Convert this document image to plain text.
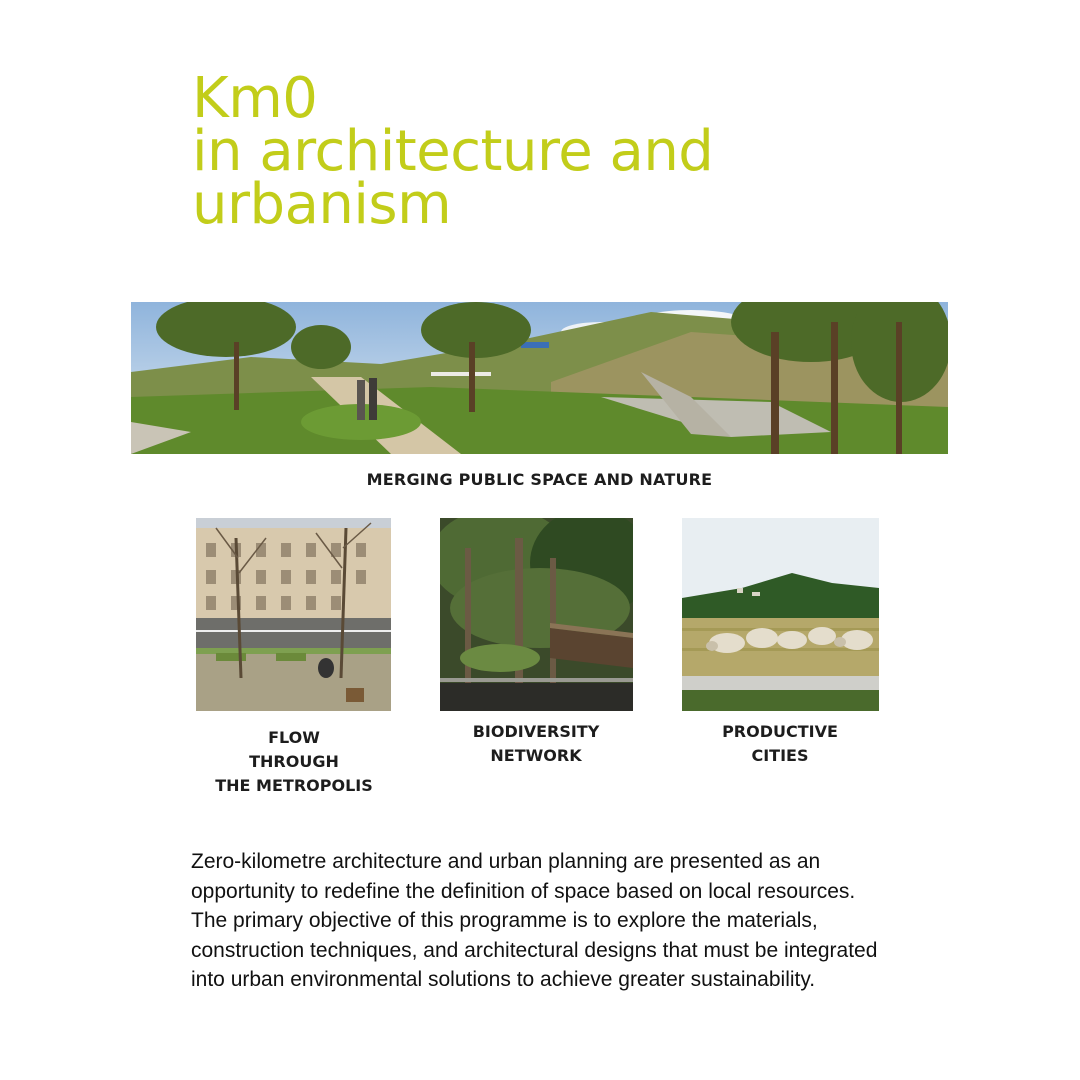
Km0
in architecture and
urbanism
MERGING PUBLIC SPACE AND NATURE
FLOW
THROUGH
THE METROPOLIS
BIODIVERSITY
NETWORK
PRODUCTIVE
CITIES

Zero-kilometre architecture and urban planning are presented as an opportunity to redefine the definition of space based on local resources. The primary objective of this programme is to explore the materials, construction techniques, and architectural designs that must be integrated into urban environmental solutions to achieve greater sustainability.
